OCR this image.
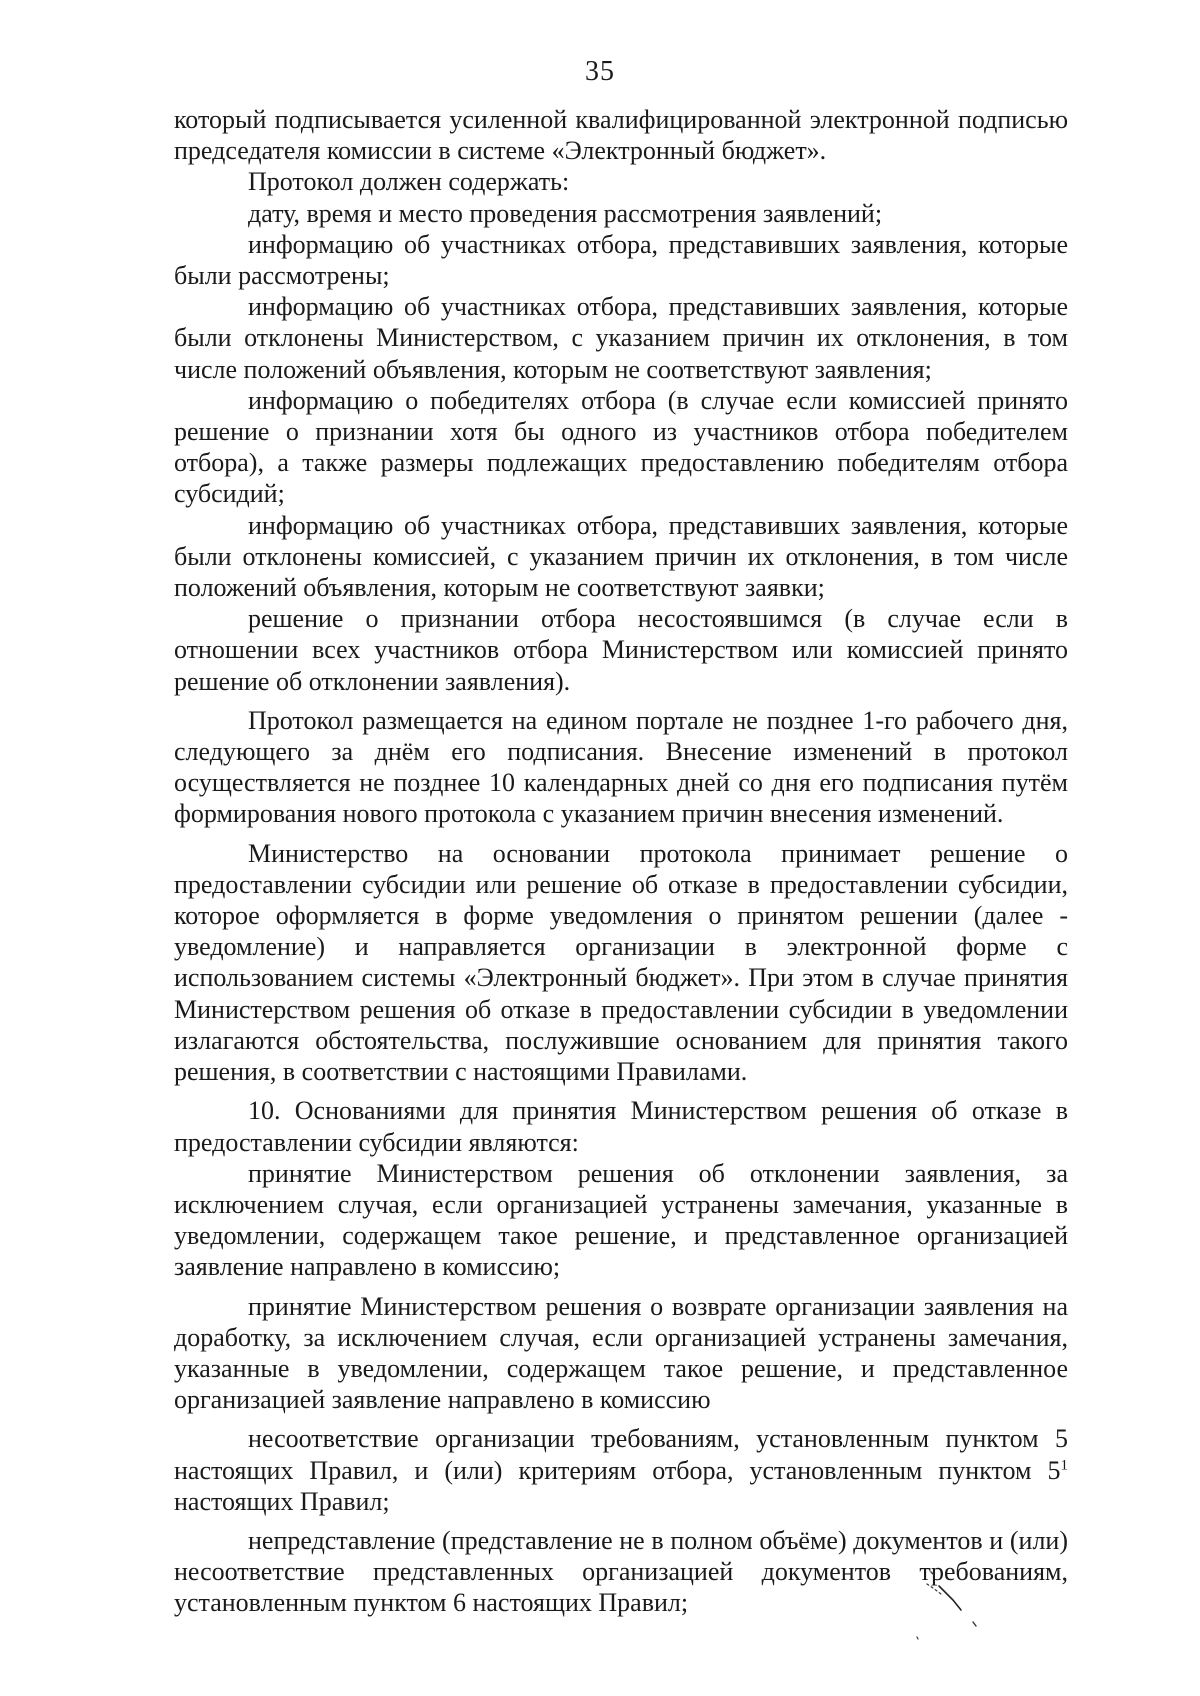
35

который подписывается усиленной квалифицированной электронной подписью председателя комиссии в системе «Электронный бюджет».

Протокол должен содержать:

дату, время и место проведения рассмотрения заявлений;

информацию об участниках отбора, представивших заявления, которые были рассмотрены;

информацию об участниках отбора, представивших заявления, которые были отклонены Министерством, с указанием причин их отклонения, в том числе положений объявления, которым не соответствуют заявления;

информацию о победителях отбора (в случае если комиссией принято решение о признании хотя бы одного из участников отбора победителем отбора), а также размеры подлежащих предоставлению победителям отбора субсидий;

информацию об участниках отбора, представивших заявления, которые были отклонены комиссией, с указанием причин их отклонения, в том числе положений объявления, которым не соответствуют заявки;

решение о признании отбора несостоявшимся (в случае если в отношении всех участников отбора Министерством или комиссией принято решение об отклонении заявления).

Протокол размещается на едином портале не позднее 1-го рабочего дня, следующего за днём его подписания. Внесение изменений в протокол осуществляется не позднее 10 календарных дней со дня его подписания путём формирования нового протокола с указанием причин внесения изменений.

Министерство на основании протокола принимает решение о предоставлении субсидии или решение об отказе в предоставлении субсидии, которое оформляется в форме уведомления о принятом решении (далее - уведомление) и направляется организации в электронной форме с использованием системы «Электронный бюджет». При этом в случае принятия Министерством решения об отказе в предоставлении субсидии в уведомлении излагаются обстоятельства, послужившие основанием для принятия такого решения, в соответствии с настоящими Правилами.

10. Основаниями для принятия Министерством решения об отказе в предоставлении субсидии являются:

принятие Министерством решения об отклонении заявления, за исключением случая, если организацией устранены замечания, указанные в уведомлении, содержащем такое решение, и представленное организацией заявление направлено в комиссию;

принятие Министерством решения о возврате организации заявления на доработку, за исключением случая, если организацией устранены замечания, указанные в уведомлении, содержащем такое решение, и представленное организацией заявление направлено в комиссию

несоответствие организации требованиям, установленным пунктом 5 настоящих Правил, и (или) критериям отбора, установленным пунктом $5^1$ настоящих Правил;

непредставление (представление не в полном объёме) документов и (или) несоответствие представленных организацией документов требованиям, установленным пунктом 6 настоящих Правил;
